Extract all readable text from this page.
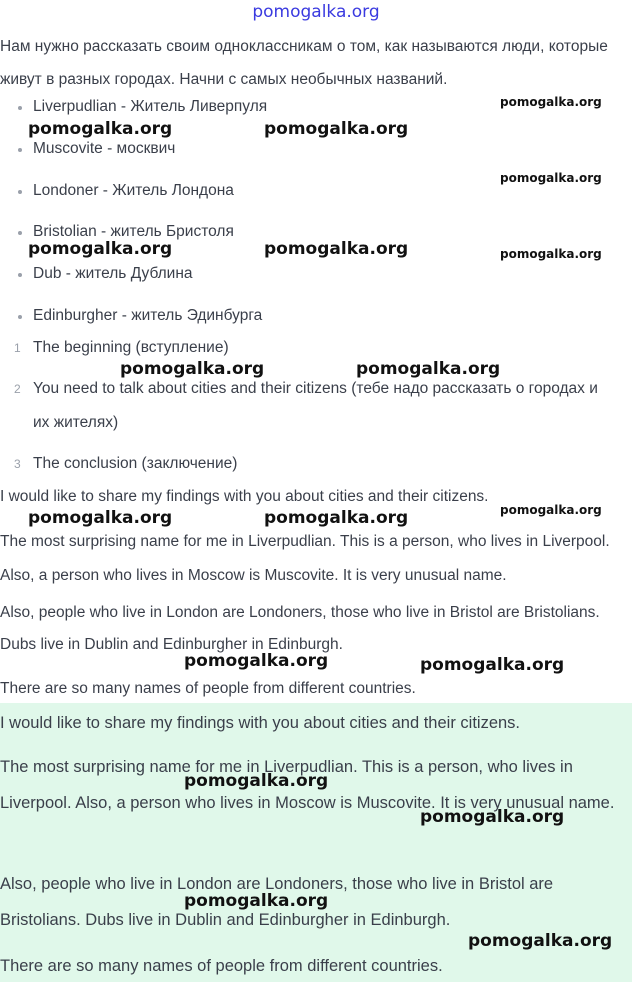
pomogalka.org
Нам нужно рассказать своим одноклассникам о том, как называются люди, которые живут в разных городах. Начни с самых необычных названий.
Liverpudlian - Житель Ливерпуля
Muscovite - москвич
Londoner - Житель Лондона
Bristolian - житель Бристоля
Dub - житель Дублина
Edinburgher - житель Эдинбурга
1 The beginning (вступление)
2 You need to talk about cities and their citizens (тебе надо рассказать о городах и их жителях)
3 The conclusion (заключение)

I would like to share my findings with you about cities and their citizens.

The most surprising name for me in Liverpudlian. This is a person, who lives in Liverpool. Also, a person who lives in Moscow is Muscovite. It is very unusual name.

Also, people who live in London are Londoners, those who live in Bristol are Bristolians. Dubs live in Dublin and Edinburgher in Edinburgh.

There are so many names of people from different countries.

I would like to share my findings with you about cities and their citizens.

The most surprising name for me in Liverpudlian. This is a person, who lives in Liverpool. Also, a person who lives in Moscow is Muscovite. It is very unusual name.

Also, people who live in London are Londoners, those who live in Bristol are Bristolians. Dubs live in Dublin and Edinburgher in Edinburgh.

There are so many names of people from different countries.

pomogalka.org
pomogalka.org	pomogalka.org
pomogalka.org
pomogalka.org	pomogalka.org	pomogalka.org
pomogalka.org	pomogalka.org
pomogalka.org
pomogalka.org	pomogalka.org
pomogalka.org	pomogalka.org
pomogalka.org
pomogalka.org
pomogalka.org
pomogalka.org
